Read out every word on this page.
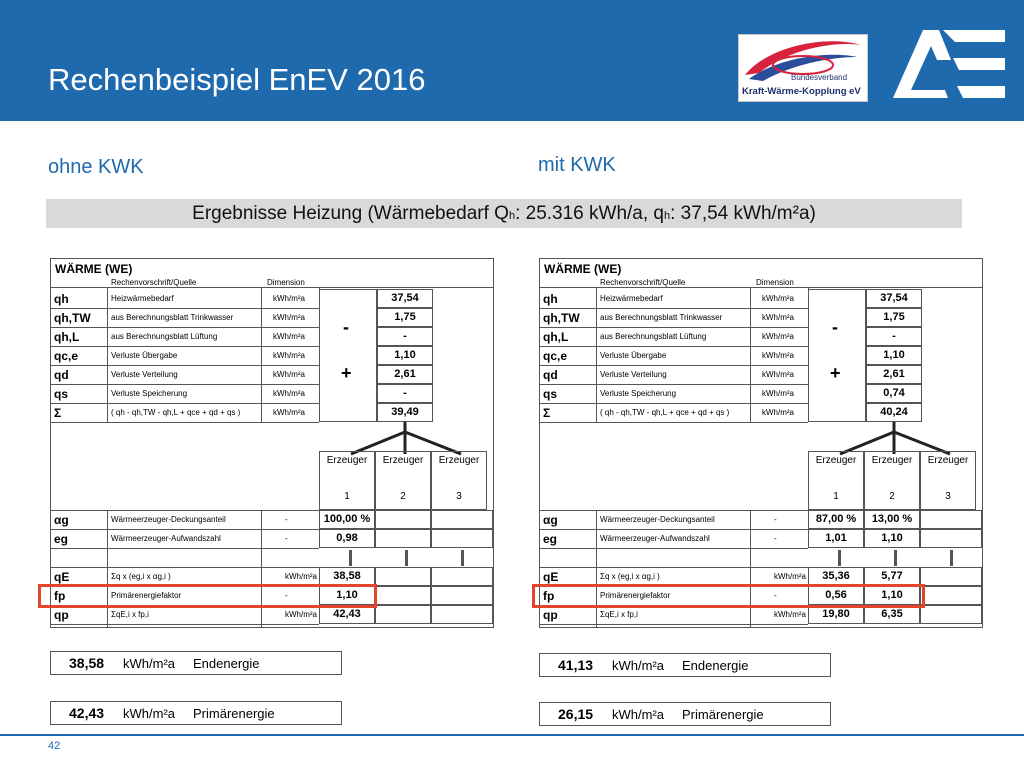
Rechenbeispiel EnEV 2016	Bundesverband
Kraft-Wärme-Kopplung eV
ohne KWK	mit KWK
Ergebnisse Heizung (Wärmebedarf Qh: 25.316 kWh/a, qh: 37,54 kWh/m²a)
WÄRME (WE)
Rechenvorschrift/Quelle	Dimension
qh	Heizwärmebedarf	kWh/m²a	37,54
qh,TW	aus Berechnungsblatt Trinkwasser	kWh/m²a	1,75
qh,L	aus Berechnungsblatt Lüftung	kWh/m²a	-
qc,e	Verluste Übergabe	kWh/m²a	1,10
qd	Verluste Verteilung	kWh/m²a	2,61
qs	Verluste Speicherung	kWh/m²a	-
Σ	( qh - qh,TW - qh,L + qce + qd + qs )	kWh/m²a	39,49
-
+
Erzeuger
1
Erzeuger
2
Erzeuger
3
αg	Wärmeerzeuger-Deckungsanteil	-	100,00 %
eg	Wärmeerzeuger-Aufwandszahl	-	0,98
qE	Σq x (eg,i x αg,i )	kWh/m²a	38,58
fp	Primärenergiefaktor	-	1,10
qp	ΣqE,i x fp,i	kWh/m²a	42,43
WÄRME (WE)
Rechenvorschrift/Quelle	Dimension
qh	Heizwärmebedarf	kWh/m²a	37,54
qh,TW	aus Berechnungsblatt Trinkwasser	kWh/m²a	1,75
qh,L	aus Berechnungsblatt Lüftung	kWh/m²a	-
qc,e	Verluste Übergabe	kWh/m²a	1,10
qd	Verluste Verteilung	kWh/m²a	2,61
qs	Verluste Speicherung	kWh/m²a	0,74
Σ	( qh - qh,TW - qh,L + qce + qd + qs )	kWh/m²a	40,24
-
+
Erzeuger
1
Erzeuger
2
Erzeuger
3
αg	Wärmeerzeuger-Deckungsanteil	-	87,00 %	13,00 %
eg	Wärmeerzeuger-Aufwandszahl	-	1,01	1,10
qE	Σq x (eg,i x αg,i )	kWh/m²a	35,36	5,77
fp	Primärenergiefaktor	-	0,56	1,10
qp	ΣqE,i x fp,i	kWh/m²a	19,80	6,35
38,58 kWh/m²a Endenergie
42,43 kWh/m²a Primärenergie
41,13 kWh/m²a Endenergie
26,15 kWh/m²a Primärenergie
42
